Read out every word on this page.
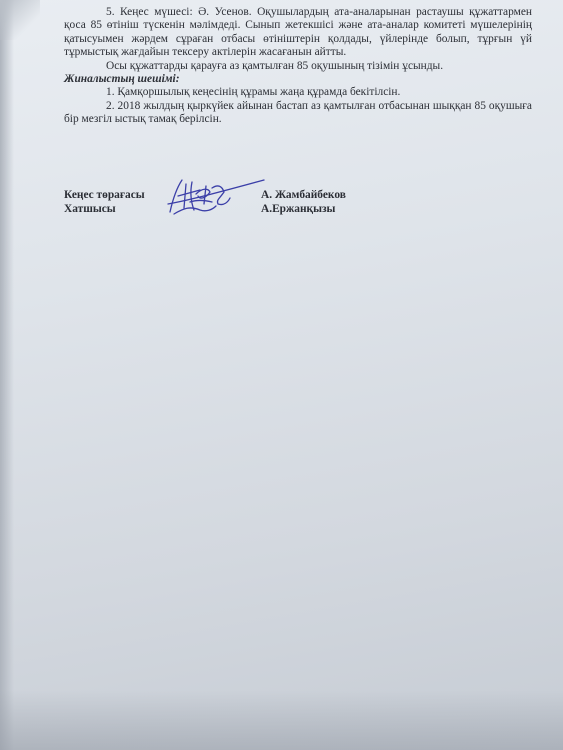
5. Кеңес мүшесі: Ә. Усенов. Оқушылардың ата-аналарынан растаушы құжаттармен қоса 85 өтініш түскенін мәлімдеді. Сынып жетекшісі және ата-аналар комитеті мүшелерінің қатысуымен жәрдем сұраған отбасы өтініштерін қолдады, үйлерінде болып, тұрғын үй тұрмыстық жағдайын тексеру актілерін жасағанын айтты.

Осы құжаттарды қарауға аз қамтылған 85 оқушының тізімін ұсынды.

Жиналыстың шешімі:

1. Қамқоршылық кеңесінің құрамы жаңа құрамда бекітілсін.

2. 2018 жылдың қыркүйек айынан бастап аз қамтылған отбасынан шыққан 85 оқушыға бір мезгіл ыстық тамақ берілсін.

Кеңес төрағасы
Хатшысы
А. Жамбайбеков
А.Ержанқызы
